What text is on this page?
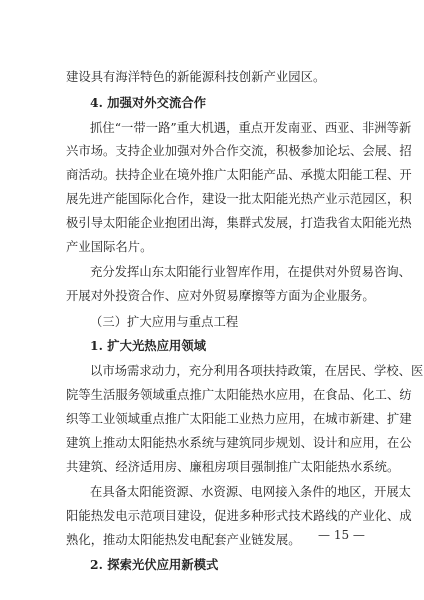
建设具有海洋特色的新能源科技创新产业园区。
4. 加强对外交流合作
抓住“一带一路”重大机遇，重点开发南亚、西亚、非洲等新
兴市场。支持企业加强对外合作交流，积极参加论坛、会展、招
商活动。扶持企业在境外推广太阳能产品、承揽太阳能工程、开
展先进产能国际化合作，建设一批太阳能光热产业示范园区，积
极引导太阳能企业抱团出海，集群式发展，打造我省太阳能光热
产业国际名片。
充分发挥山东太阳能行业智库作用，在提供对外贸易咨询、
开展对外投资合作、应对外贸易摩擦等方面为企业服务。
（三）扩大应用与重点工程
1. 扩大光热应用领域
以市场需求动力，充分利用各项扶持政策，在居民、学校、医
院等生活服务领域重点推广太阳能热水应用，在食品、化工、纺
织等工业领域重点推广太阳能工业热力应用，在城市新建、扩建
建筑上推动太阳能热水系统与建筑同步规划、设计和应用，在公
共建筑、经济适用房、廉租房项目强制推广太阳能热水系统。
在具备太阳能资源、水资源、电网接入条件的地区，开展太
阳能热发电示范项目建设，促进多种形式技术路线的产业化、成
熟化，推动太阳能热发电配套产业链发展。
2. 探索光伏应用新模式
— 15 —
